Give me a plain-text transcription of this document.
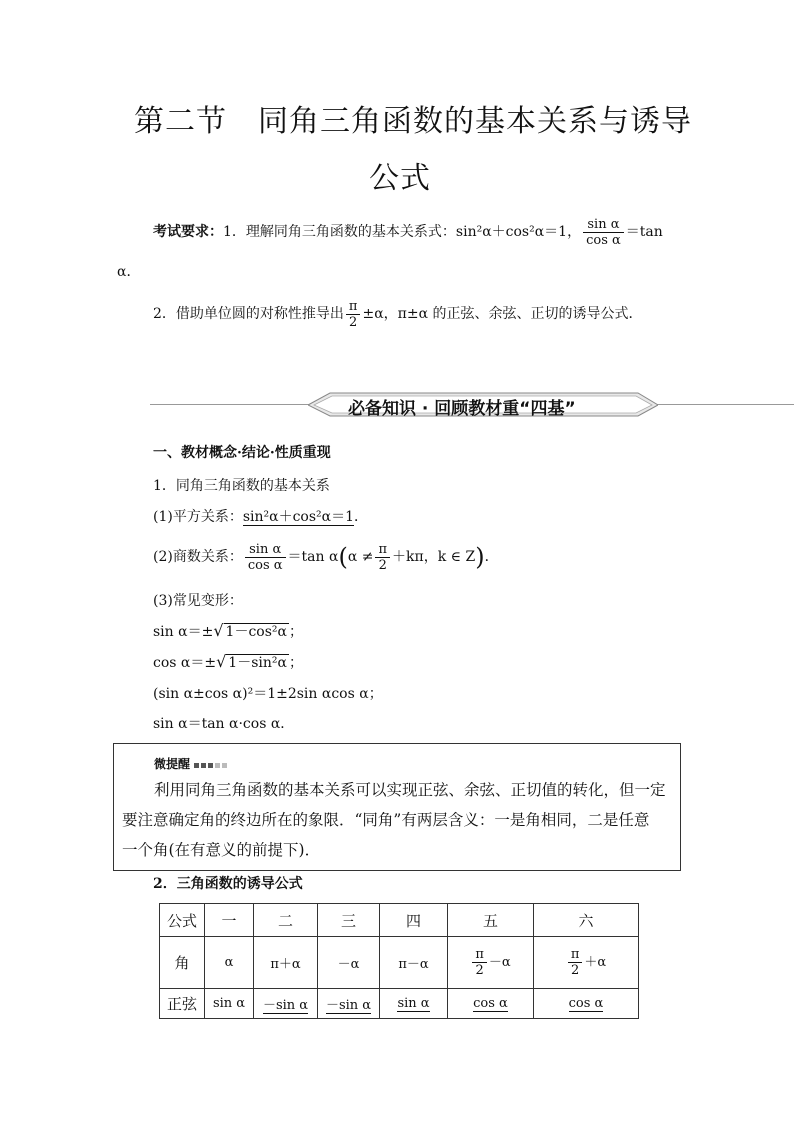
第二节　同角三角函数的基本关系与诱导
公式
考试要求：1．理解同角三角函数的基本关系式：sin²α＋cos²α＝1， $\frac{\text{sin α}}{\text{cos α}} =\tan$
α．
2．借助单位圆的对称性推导出 $\frac{\pi}{2} \pm\alpha$，π±α 的正弦、余弦、正切的诱导公式．
必备知识 · 回顾教材重“四基”
一、教材概念·结论·性质重现
1．同角三角函数的基本关系
(1)平方关系：sin²α＋cos²α＝1．
(2)商数关系： $\frac{\text{sin α}}{\text{cos α}} =\tan$ $\alpha(\alpha \ne \frac{\pi}{2} +k\pi$，k ∈ Z)．
(3)常见变形：
sin α＝±√ 1－cos²α ；
cos α＝±√ 1－sin²α ；
(sin α±cos α)²＝1±2sin αcos α；
sin α＝tan α·cos α．
微提醒
利用同角三角函数的基本关系可以实现正弦、余弦、正切值的转化，但一定
要注意确定角的终边所在的象限．“同角”有两层含义：一是角相同，二是任意
一个角(在有意义的前提下)．
2．三角函数的诱导公式
公式	一	二	三	四	五	六
角	α	π＋α	－α	π－α	$\frac{\pi}{2} -\alpha$	$\frac{\pi}{2} +\alpha$
正弦	sin α	－sin α	－sin α	sin α	cos α	cos α
